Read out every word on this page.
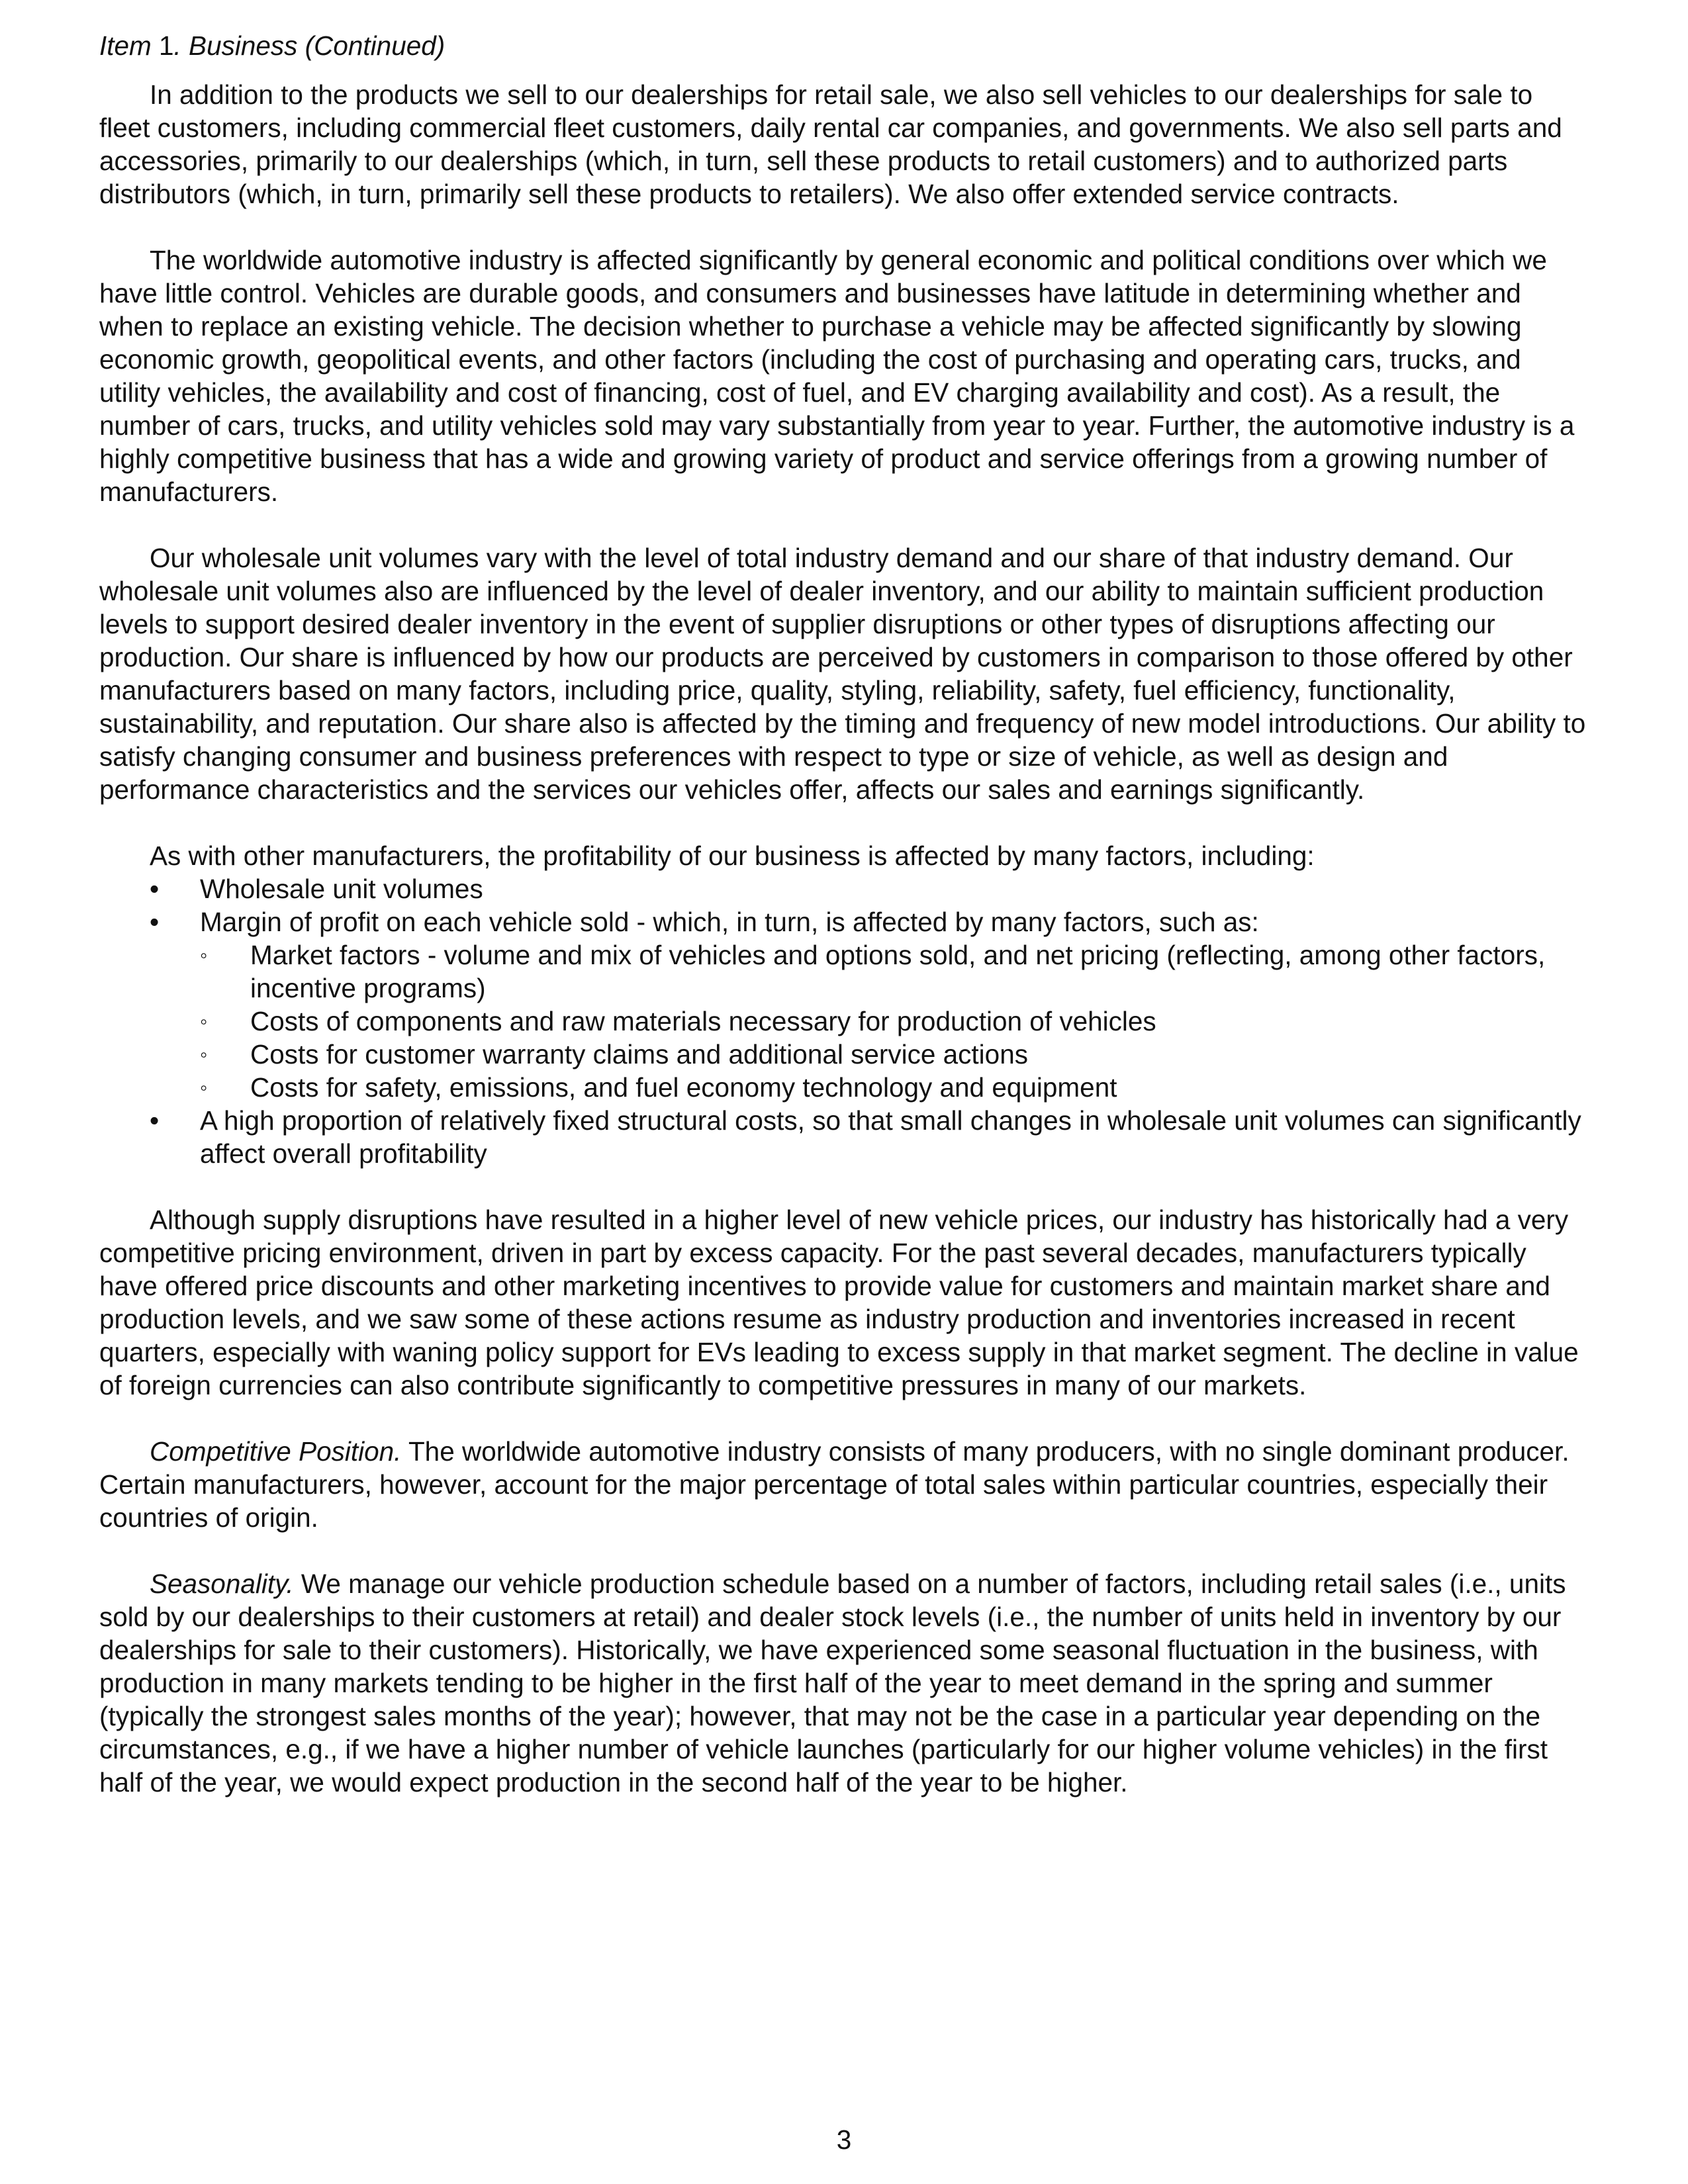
Item 1. Business (Continued)

In addition to the products we sell to our dealerships for retail sale, we also sell vehicles to our dealerships for sale to fleet customers, including commercial fleet customers, daily rental car companies, and governments. We also sell parts and accessories, primarily to our dealerships (which, in turn, sell these products to retail customers) and to authorized parts distributors (which, in turn, primarily sell these products to retailers). We also offer extended service contracts.

The worldwide automotive industry is affected significantly by general economic and political conditions over which we have little control. Vehicles are durable goods, and consumers and businesses have latitude in determining whether and when to replace an existing vehicle. The decision whether to purchase a vehicle may be affected significantly by slowing economic growth, geopolitical events, and other factors (including the cost of purchasing and operating cars, trucks, and utility vehicles, the availability and cost of financing, cost of fuel, and EV charging availability and cost). As a result, the number of cars, trucks, and utility vehicles sold may vary substantially from year to year. Further, the automotive industry is a highly competitive business that has a wide and growing variety of product and service offerings from a growing number of manufacturers.

Our wholesale unit volumes vary with the level of total industry demand and our share of that industry demand. Our wholesale unit volumes also are influenced by the level of dealer inventory, and our ability to maintain sufficient production levels to support desired dealer inventory in the event of supplier disruptions or other types of disruptions affecting our production. Our share is influenced by how our products are perceived by customers in comparison to those offered by other manufacturers based on many factors, including price, quality, styling, reliability, safety, fuel efficiency, functionality, sustainability, and reputation. Our share also is affected by the timing and frequency of new model introductions. Our ability to satisfy changing consumer and business preferences with respect to type or size of vehicle, as well as design and performance characteristics and the services our vehicles offer, affects our sales and earnings significantly.

As with other manufacturers, the profitability of our business is affected by many factors, including:

• Wholesale unit volumes
• Margin of profit on each vehicle sold - which, in turn, is affected by many factors, such as:
◦ Market factors - volume and mix of vehicles and options sold, and net pricing (reflecting, among other factors, incentive programs)
◦ Costs of components and raw materials necessary for production of vehicles
◦ Costs for customer warranty claims and additional service actions
◦ Costs for safety, emissions, and fuel economy technology and equipment
• A high proportion of relatively fixed structural costs, so that small changes in wholesale unit volumes can significantly affect overall profitability

Although supply disruptions have resulted in a higher level of new vehicle prices, our industry has historically had a very competitive pricing environment, driven in part by excess capacity. For the past several decades, manufacturers typically have offered price discounts and other marketing incentives to provide value for customers and maintain market share and production levels, and we saw some of these actions resume as industry production and inventories increased in recent quarters, especially with waning policy support for EVs leading to excess supply in that market segment. The decline in value of foreign currencies can also contribute significantly to competitive pressures in many of our markets.

Competitive Position. The worldwide automotive industry consists of many producers, with no single dominant producer. Certain manufacturers, however, account for the major percentage of total sales within particular countries, especially their countries of origin.

Seasonality. We manage our vehicle production schedule based on a number of factors, including retail sales (i.e., units sold by our dealerships to their customers at retail) and dealer stock levels (i.e., the number of units held in inventory by our dealerships for sale to their customers). Historically, we have experienced some seasonal fluctuation in the business, with production in many markets tending to be higher in the first half of the year to meet demand in the spring and summer (typically the strongest sales months of the year); however, that may not be the case in a particular year depending on the circumstances, e.g., if we have a higher number of vehicle launches (particularly for our higher volume vehicles) in the first half of the year, we would expect production in the second half of the year to be higher.

3
